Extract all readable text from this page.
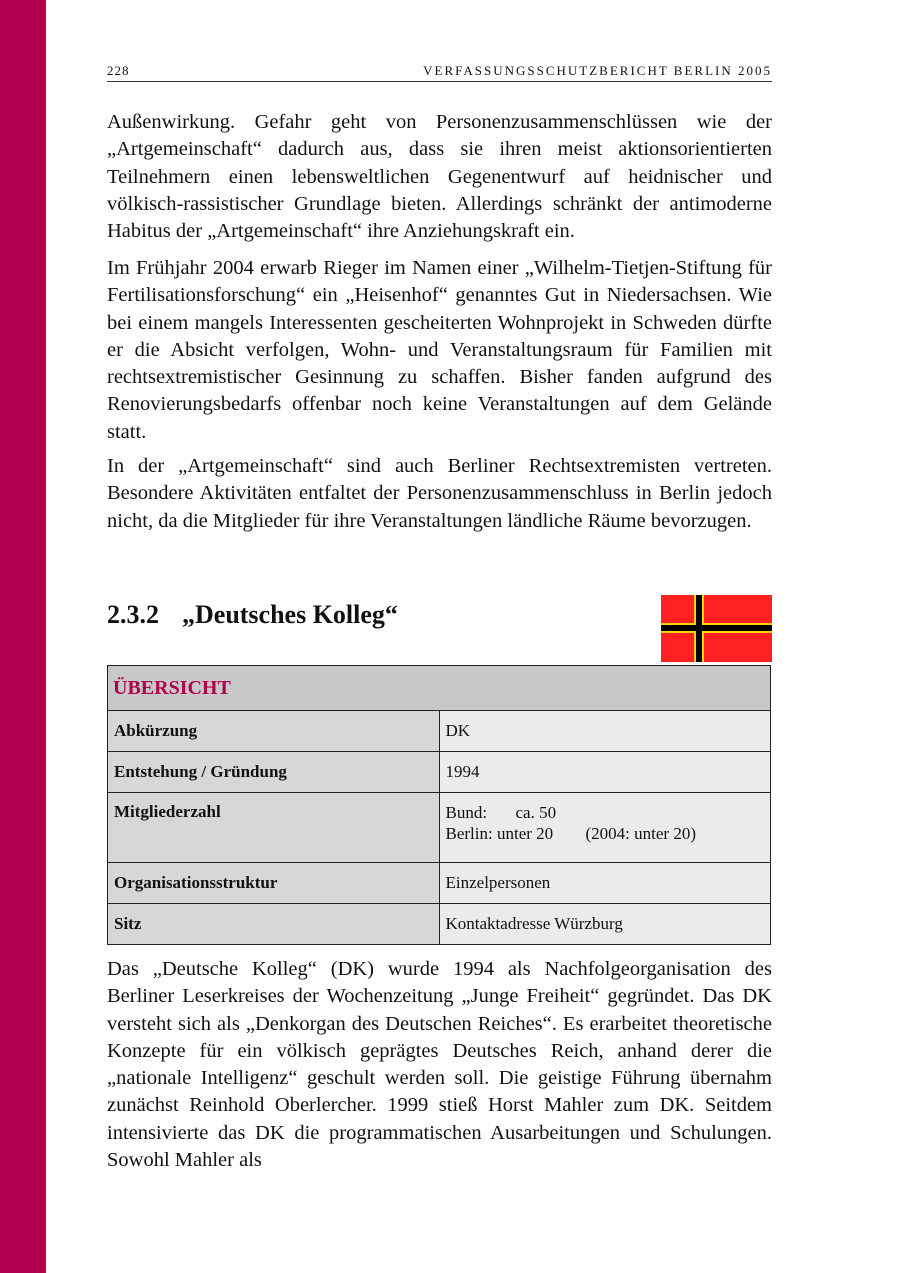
228	VERFASSUNGSSCHUTZBERICHT BERLIN 2005

Außenwirkung. Gefahr geht von Personenzusammenschlüssen wie der „Artgemeinschaft“ dadurch aus, dass sie ihren meist aktionsorientierten Teilnehmern einen lebensweltlichen Gegenentwurf auf heidnischer und völkisch-rassistischer Grundlage bieten. Allerdings schränkt der antimoderne Habitus der „Artgemeinschaft“ ihre Anziehungskraft ein.

Im Frühjahr 2004 erwarb Rieger im Namen einer „Wilhelm-Tietjen-Stiftung für Fertilisationsforschung“ ein „Heisenhof“ genanntes Gut in Niedersachsen. Wie bei einem mangels Interessenten gescheiterten Wohnprojekt in Schweden dürfte er die Absicht verfolgen, Wohn- und Veranstaltungsraum für Familien mit rechtsextremistischer Gesinnung zu schaffen. Bisher fanden aufgrund des Renovierungsbedarfs offenbar noch keine Veranstaltungen auf dem Gelände statt.

In der „Artgemeinschaft“ sind auch Berliner Rechtsextremisten vertreten. Besondere Aktivitäten entfaltet der Personenzusammenschluss in Berlin jedoch nicht, da die Mitglieder für ihre Veranstaltungen ländliche Räume bevorzugen.

2.3.2 „Deutsches Kolleg“
ÜBERSICHT	
Abkürzung	DK
Entstehung / Gründung	1994
Mitgliederzahl	Bund: ca. 50
Berlin: unter 20 (2004: unter 20)

Organisationsstruktur	Einzelpersonen
Sitz	Kontaktadresse Würzburg

Das „Deutsche Kolleg“ (DK) wurde 1994 als Nachfolgeorganisation des Berliner Leserkreises der Wochenzeitung „Junge Freiheit“ gegründet. Das DK versteht sich als „Denkorgan des Deutschen Reiches“. Es erarbeitet theoretische Konzepte für ein völkisch geprägtes Deutsches Reich, anhand derer die „nationale Intelligenz“ geschult werden soll. Die geistige Führung übernahm zunächst Reinhold Oberlercher. 1999 stieß Horst Mahler zum DK. Seitdem intensivierte das DK die programmatischen Ausarbeitungen und Schulungen. Sowohl Mahler als
